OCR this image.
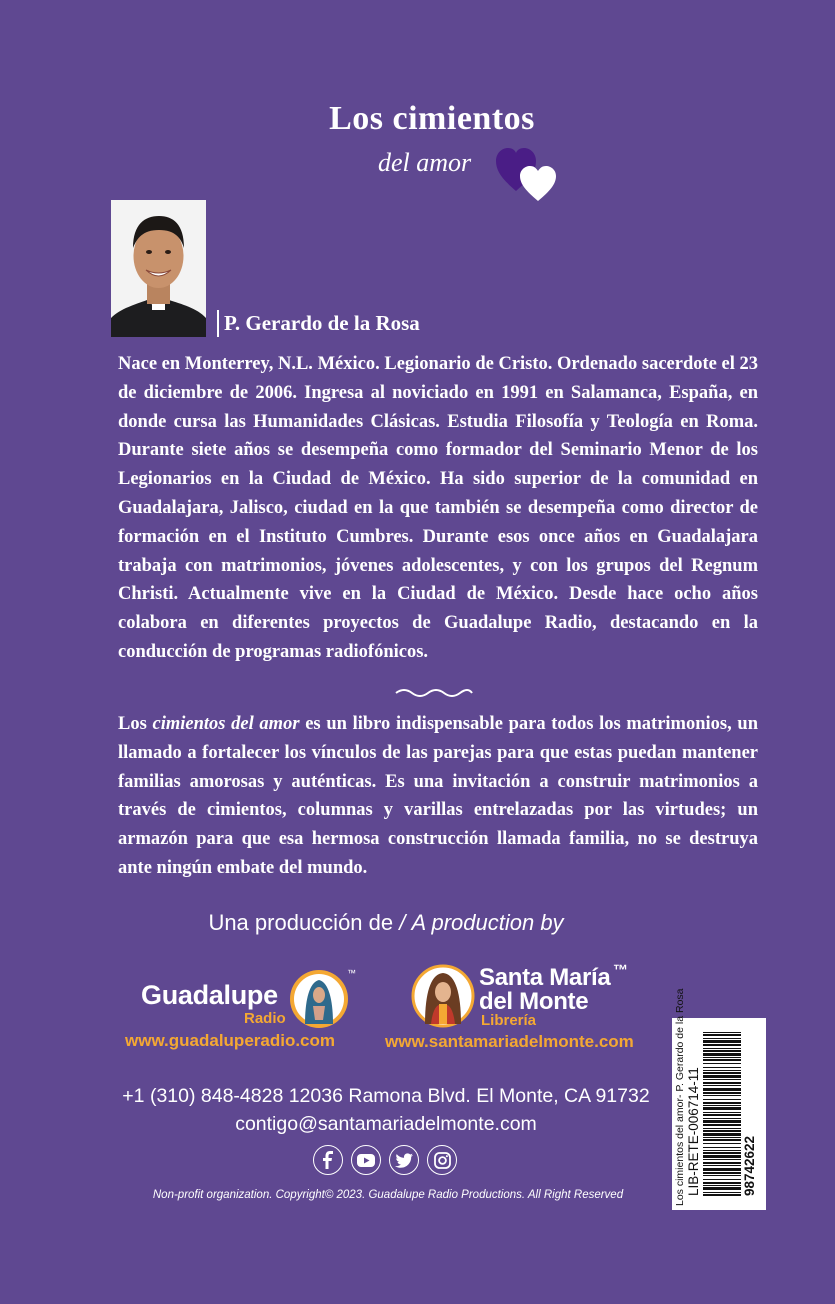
Los cimientos
del amor
P. Gerardo de la Rosa
Nace en Monterrey, N.L. México. Legionario de Cristo. Ordenado sacerdote el 23 de diciembre de 2006. Ingresa al noviciado en 1991 en Salamanca, España, en donde cursa las Humanidades Clásicas. Estudia Filosofía y Teología en Roma. Durante siete años se desempeña como formador del Seminario Menor de los Legionarios en la Ciudad de México. Ha sido superior de la comunidad en Guadalajara, Jalisco, ciudad en la que también se desempeña como director de formación en el Instituto Cumbres. Durante esos once años en Guadalajara trabaja con matrimonios, jóvenes adolescentes, y con los grupos del Regnum Christi. Actualmente vive en la Ciudad de México. Desde hace ocho años colabora en diferentes proyectos de Guadalupe Radio, destacando en la conducción de programas radiofónicos.
Los cimientos del amor es un libro indispensable para todos los matrimonios, un llamado a fortalecer los vínculos de las parejas para que estas puedan mantener familias amorosas y auténticas. Es una invitación a construir matrimonios a través de cimientos, columnas y varillas entrelazadas por las virtudes; un armazón para que esa hermosa construcción llamada familia, no se destruya ante ningún embate del mundo.
Una producción de / A production by
Guadalupe
Radio
™
www.guadaluperadio.com
Santa María
del Monte
™
Librería
www.santamariadelmonte.com
+1 (310) 848-4828 12036 Ramona Blvd. El Monte, CA 91732
contigo@santamariadelmonte.com
Non-profit organization. Copyright© 2023. Guadalupe Radio Productions. All Right Reserved	Los cimientos del amor- P. Gerardo de la Rosa LIB-RETE-006714-11	98742622
